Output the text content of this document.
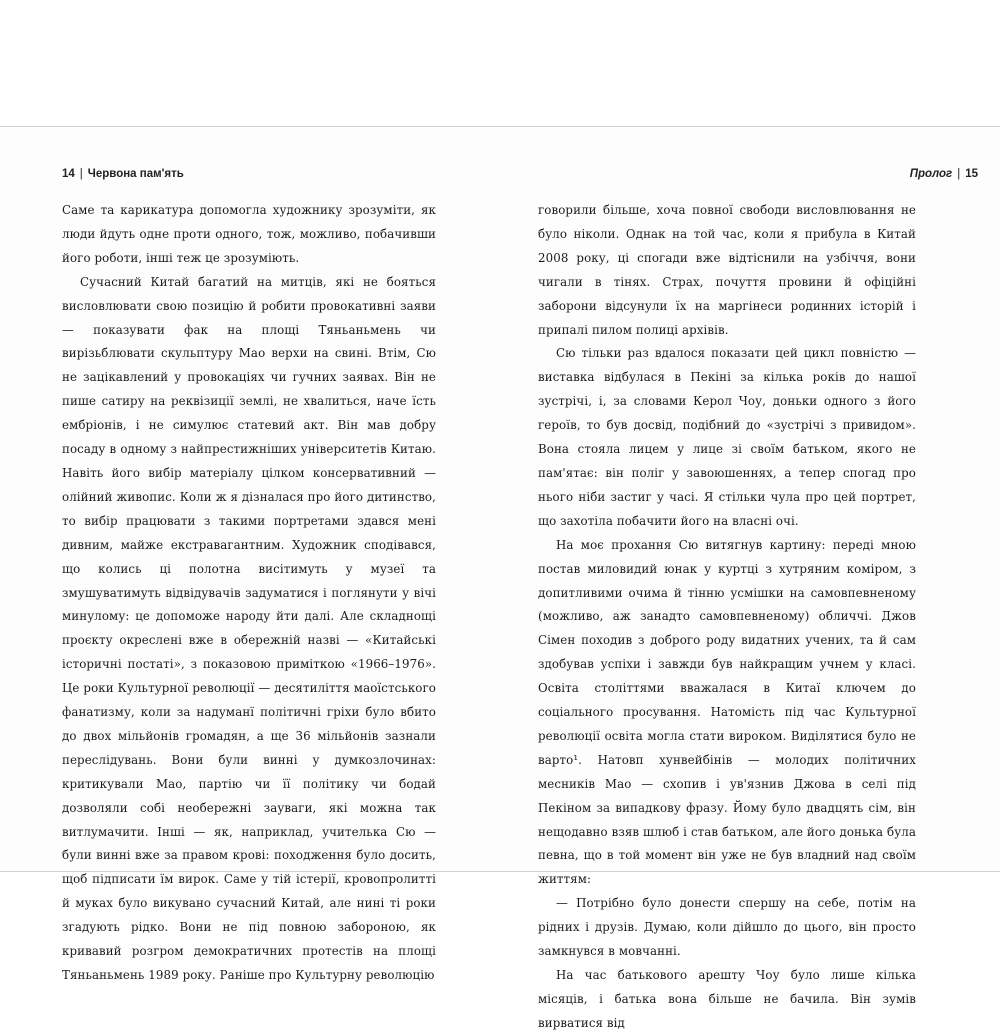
14 | Червона пам'ять

Саме та карикатура допомогла художнику зрозуміти, як люди йдуть одне проти одного, тож, можливо, побачивши його роботи, інші теж це зрозуміють.

Сучасний Китай багатий на митців, які не бояться висловлювати свою позицію й робити провокативні заяви — показувати фак на площі Тяньаньмень чи вирізьблювати скульптуру Мао верхи на свині. Втім, Сю не зацікавлений у провокаціях чи гучних заявах. Він не пише сатиру на реквізиції землі, не хвалиться, наче їсть ембріонів, і не симулює статевий акт. Він мав добру посаду в одному з найпрестижніших університетів Китаю. Навіть його вибір матеріалу цілком консервативний — олійний живопис. Коли ж я дізналася про його дитинство, то вибір працювати з такими портретами здався мені дивним, майже екстравагантним. Художник сподівався, що колись ці полотна висітимуть у музеї та змушуватимуть відвідувачів задуматися і поглянути у вічі минулому: це допоможе народу йти далі. Але складнощі проєкту окреслені вже в обережній назві — «Китайські історичні постаті», з показовою приміткою «1966–1976». Це роки Культурної революції — десятиліття маоїстського фанатизму, коли за надуманї політичні гріхи було вбито до двох мільйонів громадян, а ще 36 мільйонів зазнали переслідувань. Вони були винні у думкозлочинах: критикували Мао, партію чи її політику чи бодай дозволяли собі необережні зауваги, які можна так витлумачити. Інші — як, наприклад, учителька Сю — були винні вже за правом крові: походження було досить, щоб підписати їм вирок. Саме у тій істерії, кровопролитті й муках було викувано сучасний Китай, але нині ті роки згадують рідко. Вони не під повною забороною, як кривавий розгром демократичних протестів на площі Тяньаньмень 1989 року. Раніше про Культурну революцію

Пролог | 15

говорили більше, хоча повної свободи висловлювання не було ніколи. Однак на той час, коли я прибула в Китай 2008 року, ці спогади вже відтіснили на узбіччя, вони чигали в тінях. Страх, почуття провини й офіційні заборони відсунули їх на маргінеси родинних історій і припалі пилом полиці архівів.

Сю тільки раз вдалося показати цей цикл повністю — виставка відбулася в Пекіні за кілька років до нашої зустрічі, і, за словами Керол Чоу, доньки одного з його героїв, то був досвід, подібний до «зустрічі з привидом». Вона стояла лицем у лице зі своїм батьком, якого не пам'ятає: він поліг у завоюшеннях, а тепер спогад про нього ніби застиг у часі. Я стільки чула про цей портрет, що захотіла побачити його на власні очі.

На моє прохання Сю витягнув картину: переді мною постав миловидий юнак у куртці з хутряним коміром, з допитливими очима й тінню усмішки на самовпевненому (можливо, аж занадто самовпевненому) обличчі. Джов Сімен походив з доброго роду видатних учених, та й сам здобував успіхи і завжди був найкращим учнем у класі. Освіта століттями вважалася в Китаї ключем до соціального просування. Натомість під час Культурної революції освіта могла стати вироком. Виділятися було не варто¹. Натовп хунвейбінів — молодих політичних месників Мао — схопив і ув'язнив Джова в селі під Пекіном за випадкову фразу. Йому було двадцять сім, він нещодавно взяв шлюб і став батьком, але його донька була певна, що в той момент він уже не був владний над своїм життям:

— Потрібно було донести спершу на себе, потім на рідних і друзів. Думаю, коли дійшло до цього, він просто замкнувся в мовчанні.

На час батькового арешту Чоу було лише кілька місяців, і батька вона більше не бачила. Він зумів вирватися від
